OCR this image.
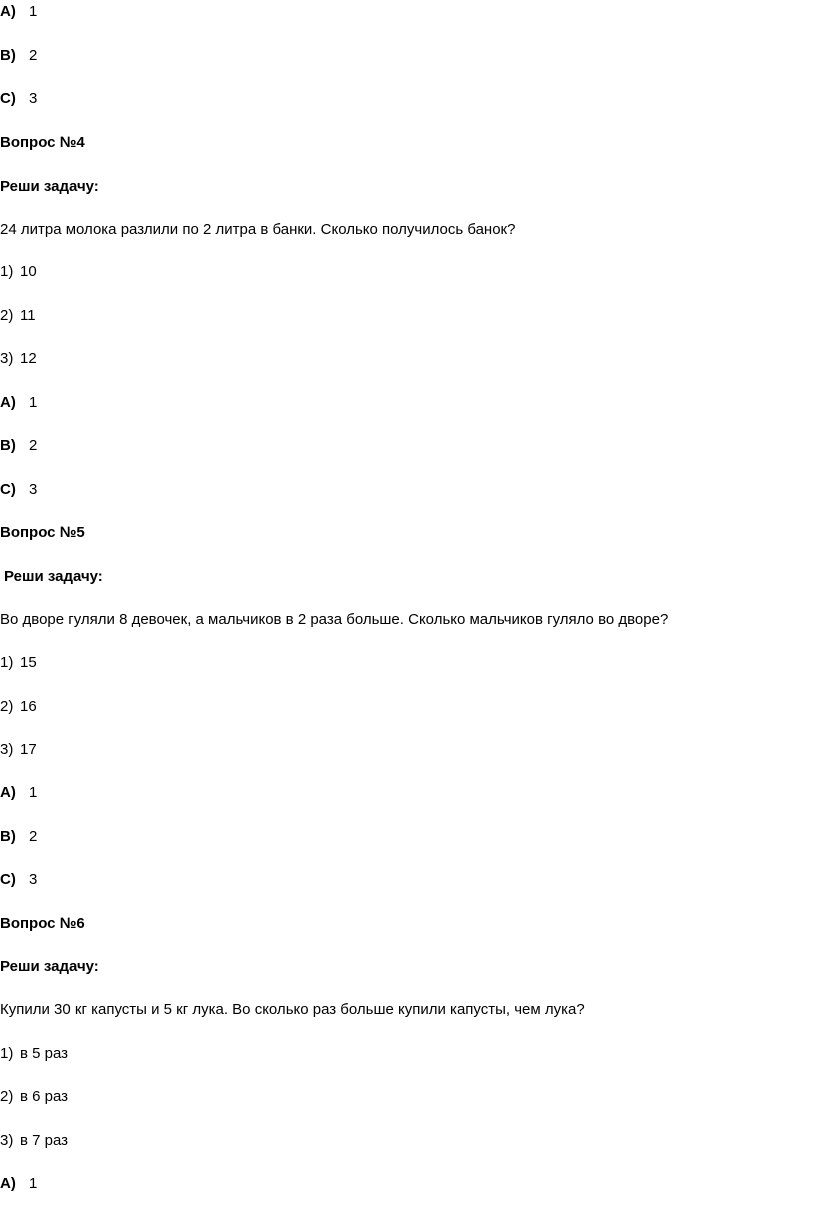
A) 1
B) 2
C) 3
Вопрос №4
Реши задачу:
24 литра молока разлили по 2 литра в банки. Сколько получилось банок?
1) 10
2) 11
3) 12
A) 1
B) 2
C) 3
Вопрос №5
Реши задачу:
Во дворе гуляли 8 девочек, а мальчиков в 2 раза больше. Сколько мальчиков гуляло во дворе?
1) 15
2) 16
3) 17
A) 1
B) 2
C) 3
Вопрос №6
Реши задачу:
Купили 30 кг капусты и 5 кг лука. Во сколько раз больше купили капусты, чем лука?
1) в 5 раз
2) в 6 раз
3) в 7 раз
A) 1
